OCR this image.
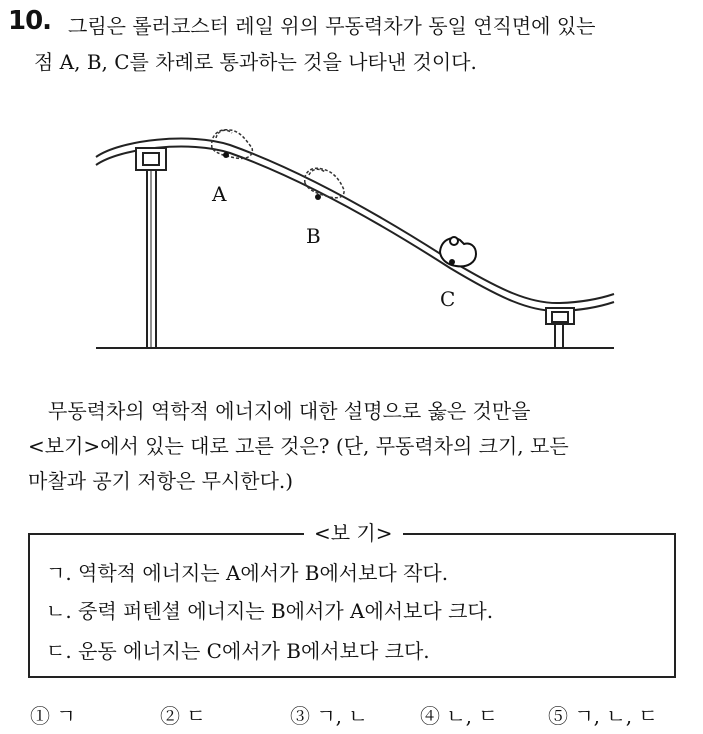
10. 그림은 롤러코스터 레일 위의 무동력차가 동일 연직면에 있는
점 A, B, C를 차례로 통과하는 것을 나타낸 것이다.
A
B
C
무동력차의 역학적 에너지에 대한 설명으로 옳은 것만을
<보기>에서 있는 대로 고른 것은? (단, 무동력차의 크기, 모든
마찰과 공기 저항은 무시한다.)
<보 기>
ㄱ. 역학적 에너지는 A에서가 B에서보다 작다.
ㄴ. 중력 퍼텐셜 에너지는 B에서가 A에서보다 크다.
ㄷ. 운동 에너지는 C에서가 B에서보다 크다.
① ㄱ	② ㄷ	③ ㄱ, ㄴ	④ ㄴ, ㄷ	⑤ ㄱ, ㄴ, ㄷ
